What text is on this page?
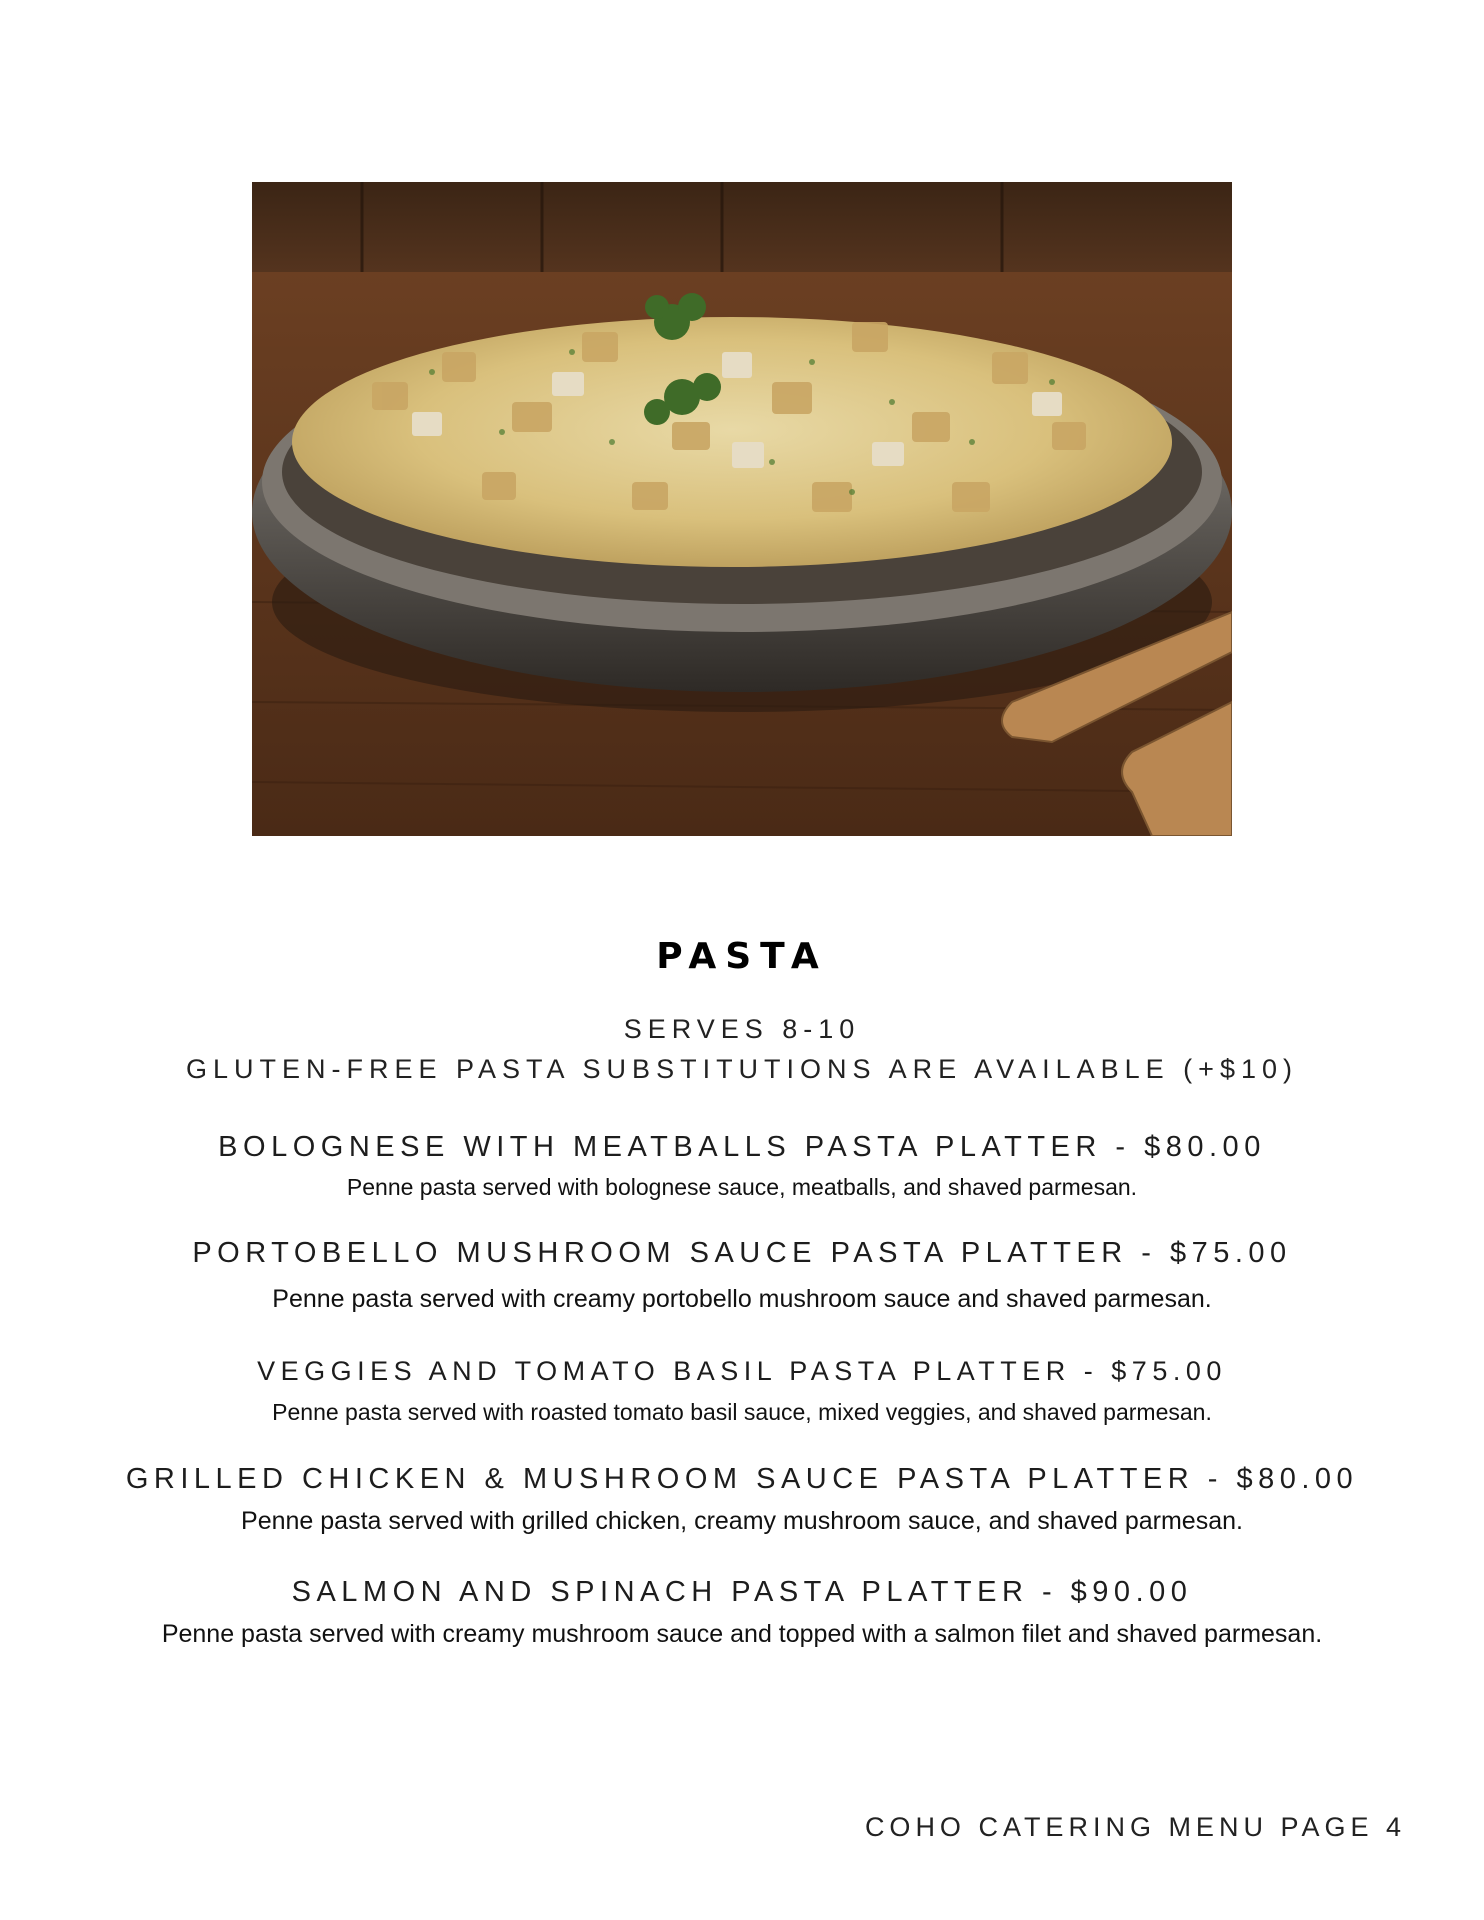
PASTA
SERVES 8-10
GLUTEN-FREE PASTA SUBSTITUTIONS ARE AVAILABLE (+$10)
BOLOGNESE WITH MEATBALLS PASTA PLATTER - $80.00
Penne pasta served with bolognese sauce, meatballs, and shaved parmesan.
PORTOBELLO MUSHROOM SAUCE PASTA PLATTER - $75.00
Penne pasta served with creamy portobello mushroom sauce and shaved parmesan.
VEGGIES AND TOMATO BASIL PASTA PLATTER - $75.00
Penne pasta served with roasted tomato basil sauce, mixed veggies, and shaved parmesan.
GRILLED CHICKEN & MUSHROOM SAUCE PASTA PLATTER - $80.00
Penne pasta served with grilled chicken, creamy mushroom sauce, and shaved parmesan.
SALMON AND SPINACH PASTA PLATTER - $90.00
Penne pasta served with creamy mushroom sauce and topped with a salmon filet and shaved parmesan.
COHO CATERING MENU PAGE 4
